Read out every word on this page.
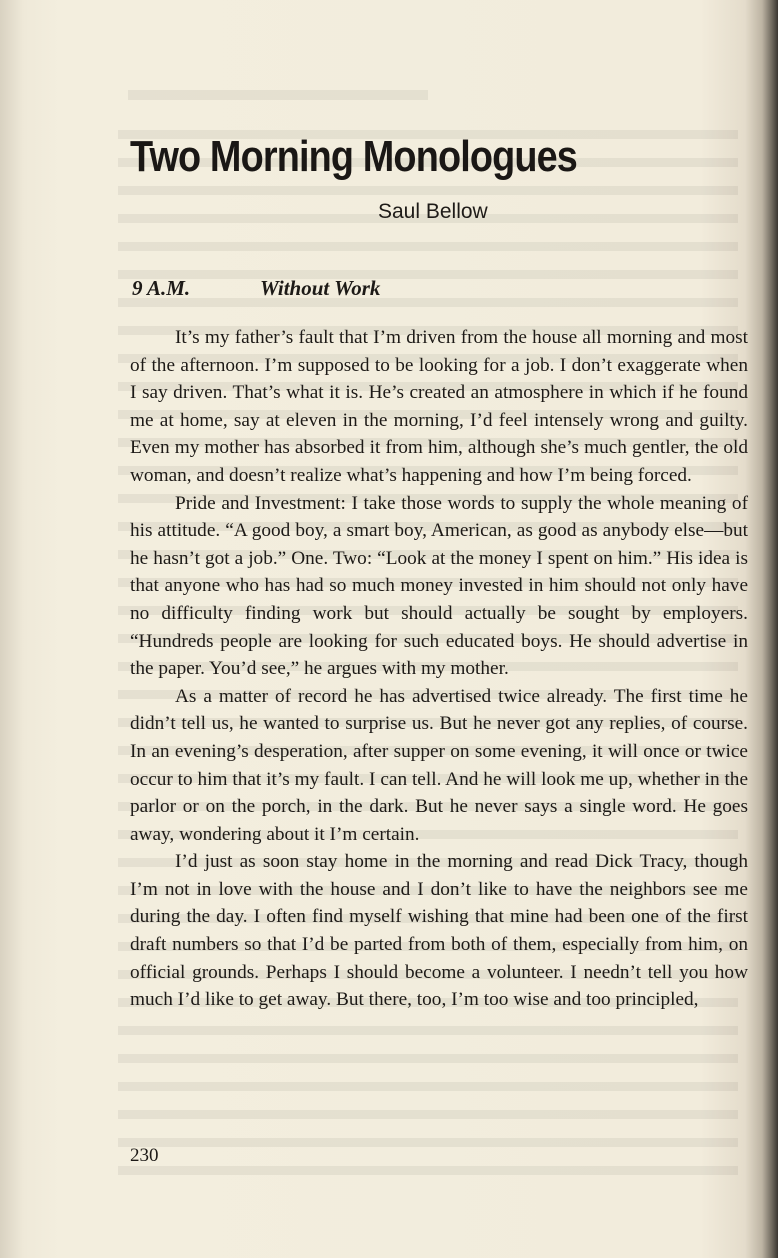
Two Morning Monologues
Saul Bellow
9 A.M.	Without Work

It’s my father’s fault that I’m driven from the house all morning and most of the afternoon. I’m supposed to be looking for a job. I don’t exaggerate when I say driven. That’s what it is. He’s created an atmosphere in which if he found me at home, say at eleven in the morning, I’d feel intensely wrong and guilty. Even my mother has absorbed it from him, although she’s much gentler, the old woman, and doesn’t realize what’s happening and how I’m being forced.

Pride and Investment: I take those words to supply the whole meaning of his attitude. “A good boy, a smart boy, American, as good as anybody else—but he hasn’t got a job.” One. Two: “Look at the money I spent on him.” His idea is that anyone who has had so much money invested in him should not only have no difficulty finding work but should actually be sought by employers. “Hundreds people are looking for such educated boys. He should advertise in the paper. You’d see,” he argues with my mother.

As a matter of record he has advertised twice already. The first time he didn’t tell us, he wanted to surprise us. But he never got any replies, of course. In an evening’s desperation, after supper on some evening, it will once or twice occur to him that it’s my fault. I can tell. And he will look me up, whether in the parlor or on the porch, in the dark. But he never says a single word. He goes away, wondering about it I’m certain.

I’d just as soon stay home in the morning and read Dick Tracy, though I’m not in love with the house and I don’t like to have the neighbors see me during the day. I often find myself wishing that mine had been one of the first draft numbers so that I’d be parted from both of them, especially from him, on official grounds. Perhaps I should become a volunteer. I needn’t tell you how much I’d like to get away. But there, too, I’m too wise and too principled,

230
